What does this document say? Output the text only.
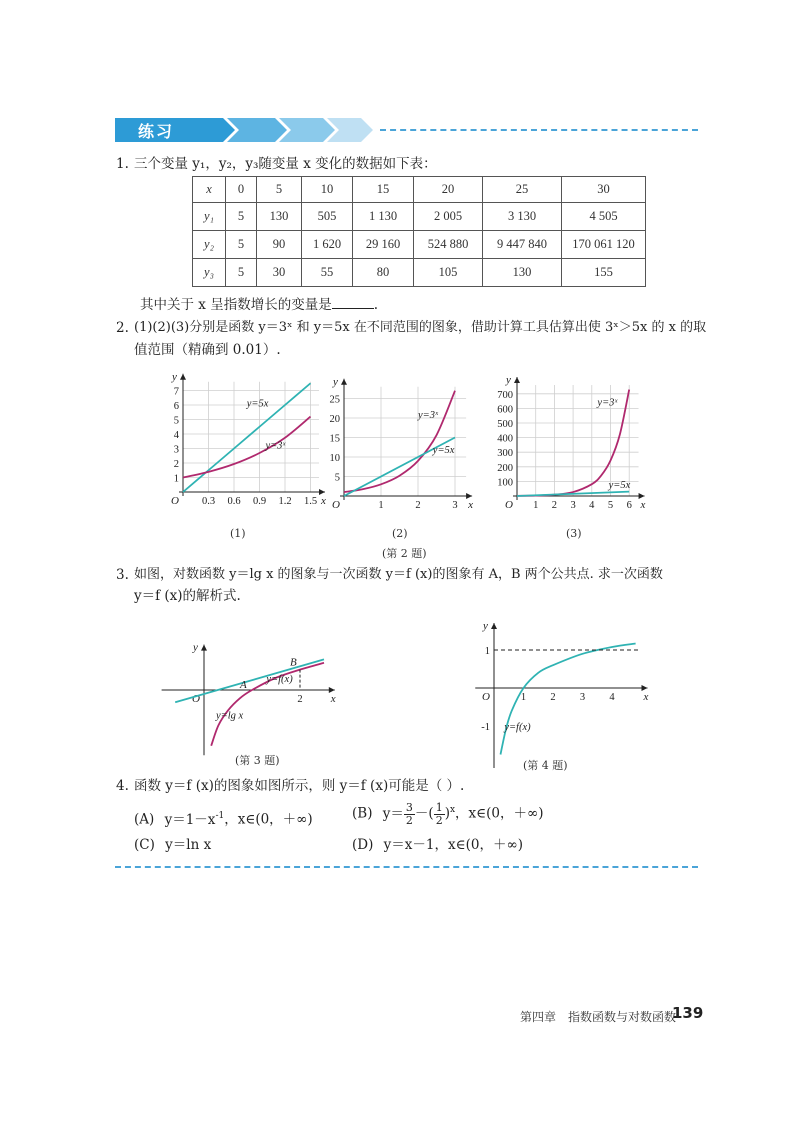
练习
1. 三个变量 y₁，y₂，y₃随变量 x 变化的数据如下表：
x	0	5	10	15	20	25	30
y₁	5	130	505	1 130	2 005	3 130	4 505
y₂	5	90	1 620	29 160	524 880	9 447 840	170 061 120
y₃	5	30	55	80	105	130	155
其中关于 x 呈指数增长的变量是	.
2. (1)(2)(3)分别是函数 y＝3ˣ 和 y＝5x 在不同范围的图象，借助计算工具估算出使 3ˣ＞5x 的 x 的取
值范围（精确到 0.01）.
x
y
O 0.3 0.6 0.9 1.2 1.5
1
2
3
4
5
6
7
y=5x
y=3ˣ
(1)
x
y
O	1	2	3
5
10
15
20
25
y=3ˣ
y=5x
(2)
x
y
O 1 2 3 4 5 6
100
200
300
400
500
600
700
y=3ˣ
y=5x
(3)
(第 2 题)
3. 如图，对数函数 y＝lg x 的图象与一次函数 y＝f (x)的图象有 A，B 两个公共点. 求一次函数
y＝f (x)的解析式.
x
y
O	2
A
B
y=f(x)
y=lg x
(第 3 题)
x
y
O	1 2 3 4
1
-1 y=f(x)
(第 4 题)
4. 函数 y＝f (x)的图象如图所示，则 y＝f (x)可能是（ ）.
(A) $y=1-x^{-1}$，x∈(0，＋∞)	(B) $y= \frac{3}{2}$ －( $\frac{1}{2} )^x$，x∈(0，＋∞)
(C) y＝ln x	(D) y＝x－1，x∈(0，＋∞)
第四章　指数函数与对数函数
139
